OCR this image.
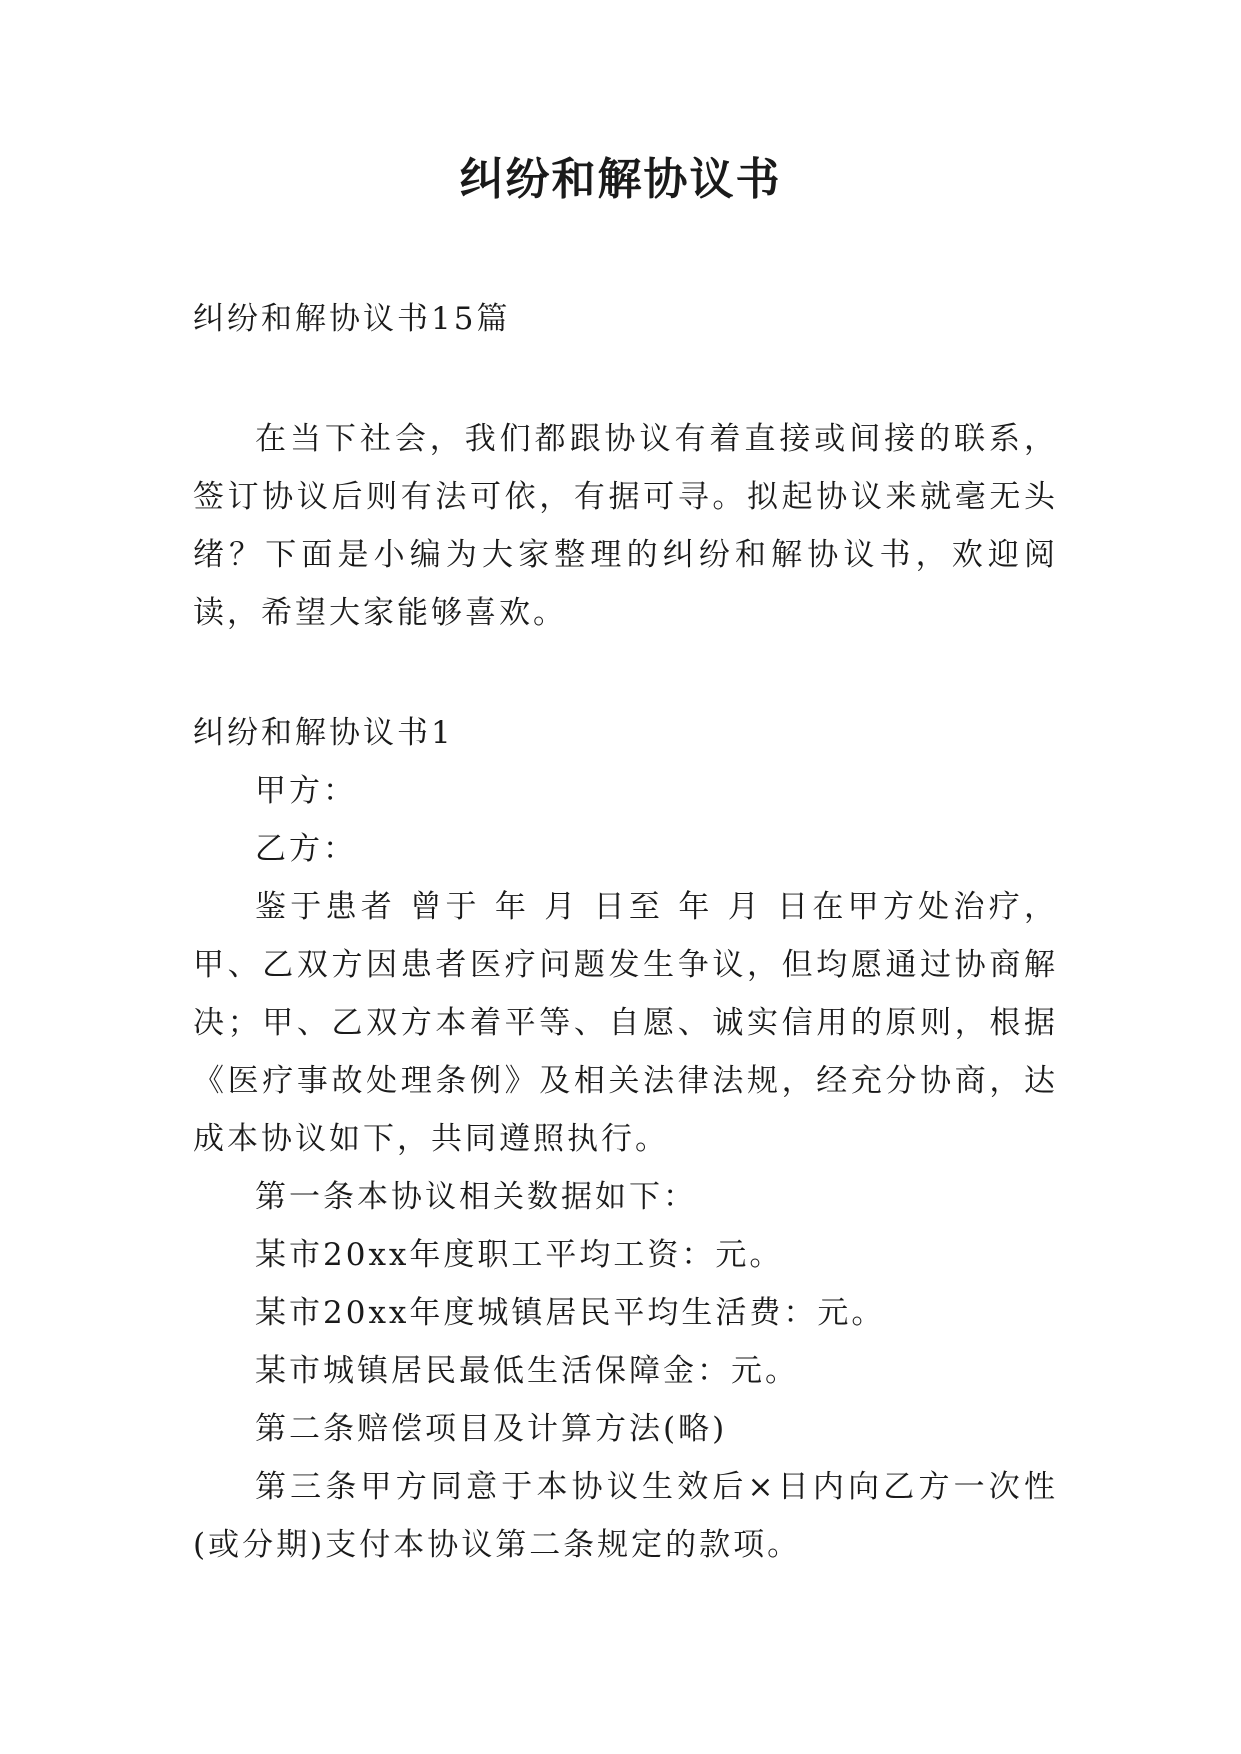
纠纷和解协议书

纠纷和解协议书15篇

在当下社会，我们都跟协议有着直接或间接的联系，签订协议后则有法可依，有据可寻。拟起协议来就毫无头绪？下面是小编为大家整理的纠纷和解协议书，欢迎阅读，希望大家能够喜欢。

纠纷和解协议书1

甲方：

乙方：

鉴于患者 曾于 年 月 日至 年 月 日在甲方处治疗，甲、乙双方因患者医疗问题发生争议，但均愿通过协商解决；甲、乙双方本着平等、自愿、诚实信用的原则，根据《医疗事故处理条例》及相关法律法规，经充分协商，达成本协议如下，共同遵照执行。

第一条本协议相关数据如下：

某市20xx年度职工平均工资：元。

某市20xx年度城镇居民平均生活费：元。

某市城镇居民最低生活保障金：元。

第二条赔偿项目及计算方法(略)

第三条甲方同意于本协议生效后×日内向乙方一次性(或分期)支付本协议第二条规定的款项。
